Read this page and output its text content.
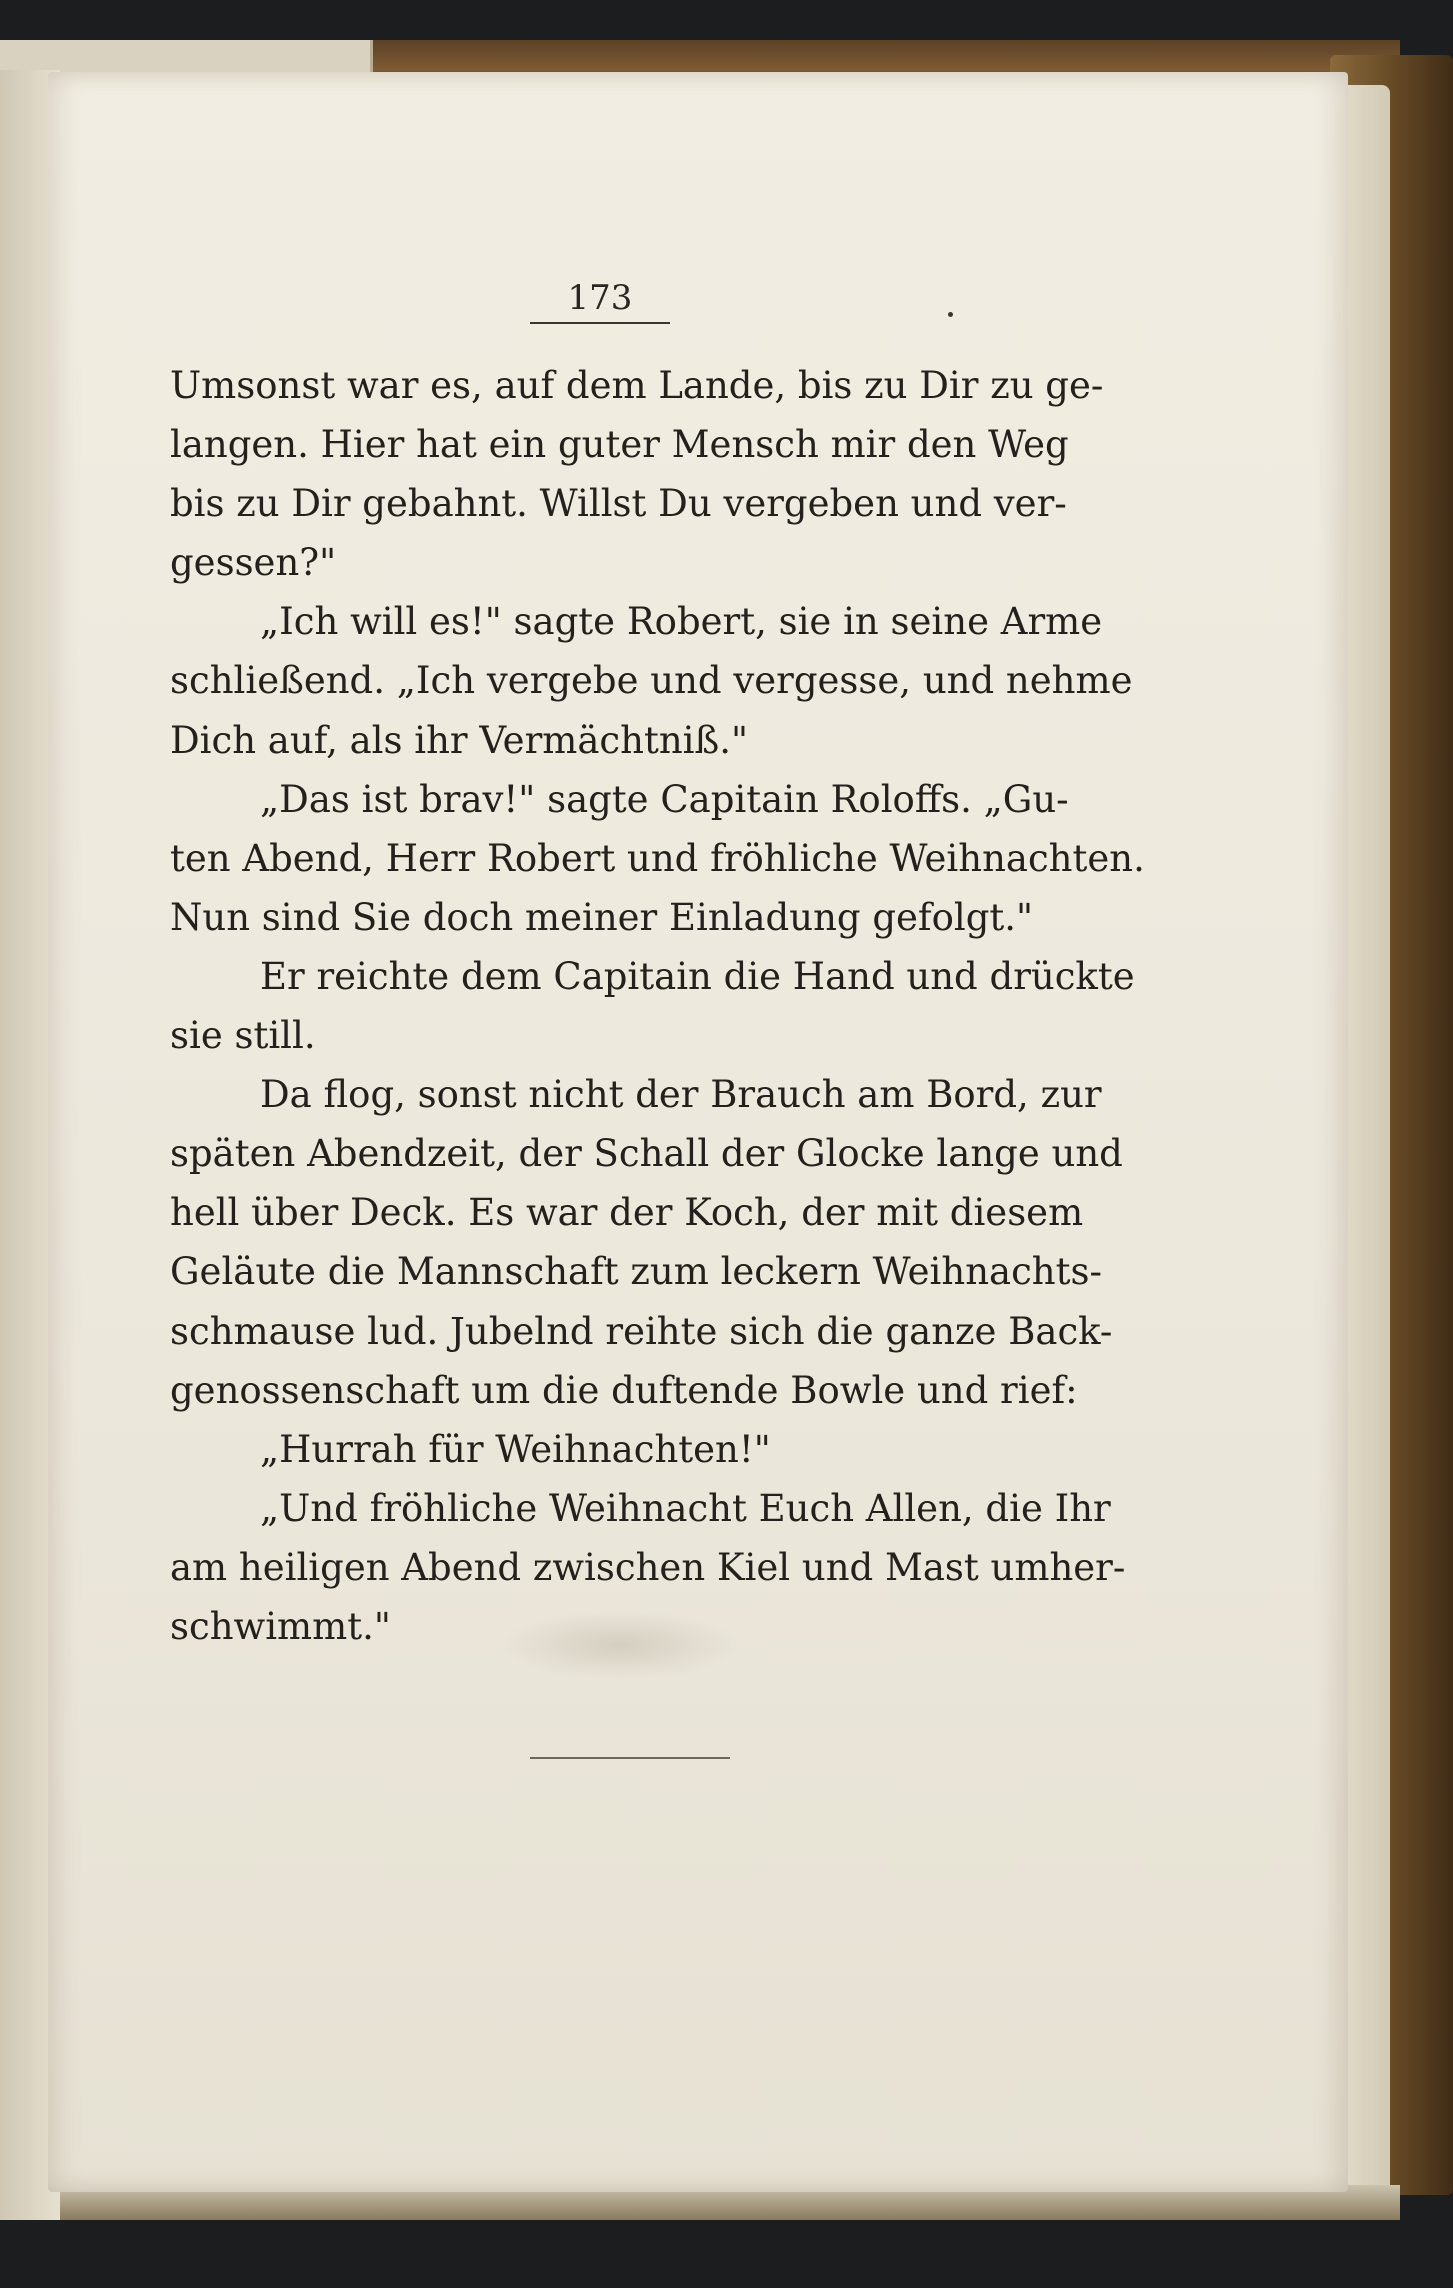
173
Umsonst war es, auf dem Lande, bis zu Dir zu ge-
langen. Hier hat ein guter Mensch mir den Weg
bis zu Dir gebahnt. Willst Du vergeben und ver-
gessen?"
„Ich will es!" sagte Robert, sie in seine Arme
schließend. „Ich vergebe und vergesse, und nehme
Dich auf, als ihr Vermächtniß."
„Das ist brav!" sagte Capitain Roloffs. „Gu-
ten Abend, Herr Robert und fröhliche Weihnachten.
Nun sind Sie doch meiner Einladung gefolgt."
Er reichte dem Capitain die Hand und drückte
sie still.
Da flog, sonst nicht der Brauch am Bord, zur
späten Abendzeit, der Schall der Glocke lange und
hell über Deck. Es war der Koch, der mit diesem
Geläute die Mannschaft zum leckern Weihnachts-
schmause lud. Jubelnd reihte sich die ganze Back-
genossenschaft um die duftende Bowle und rief:
„Hurrah für Weihnachten!"
„Und fröhliche Weihnacht Euch Allen, die Ihr
am heiligen Abend zwischen Kiel und Mast umher-
schwimmt."
